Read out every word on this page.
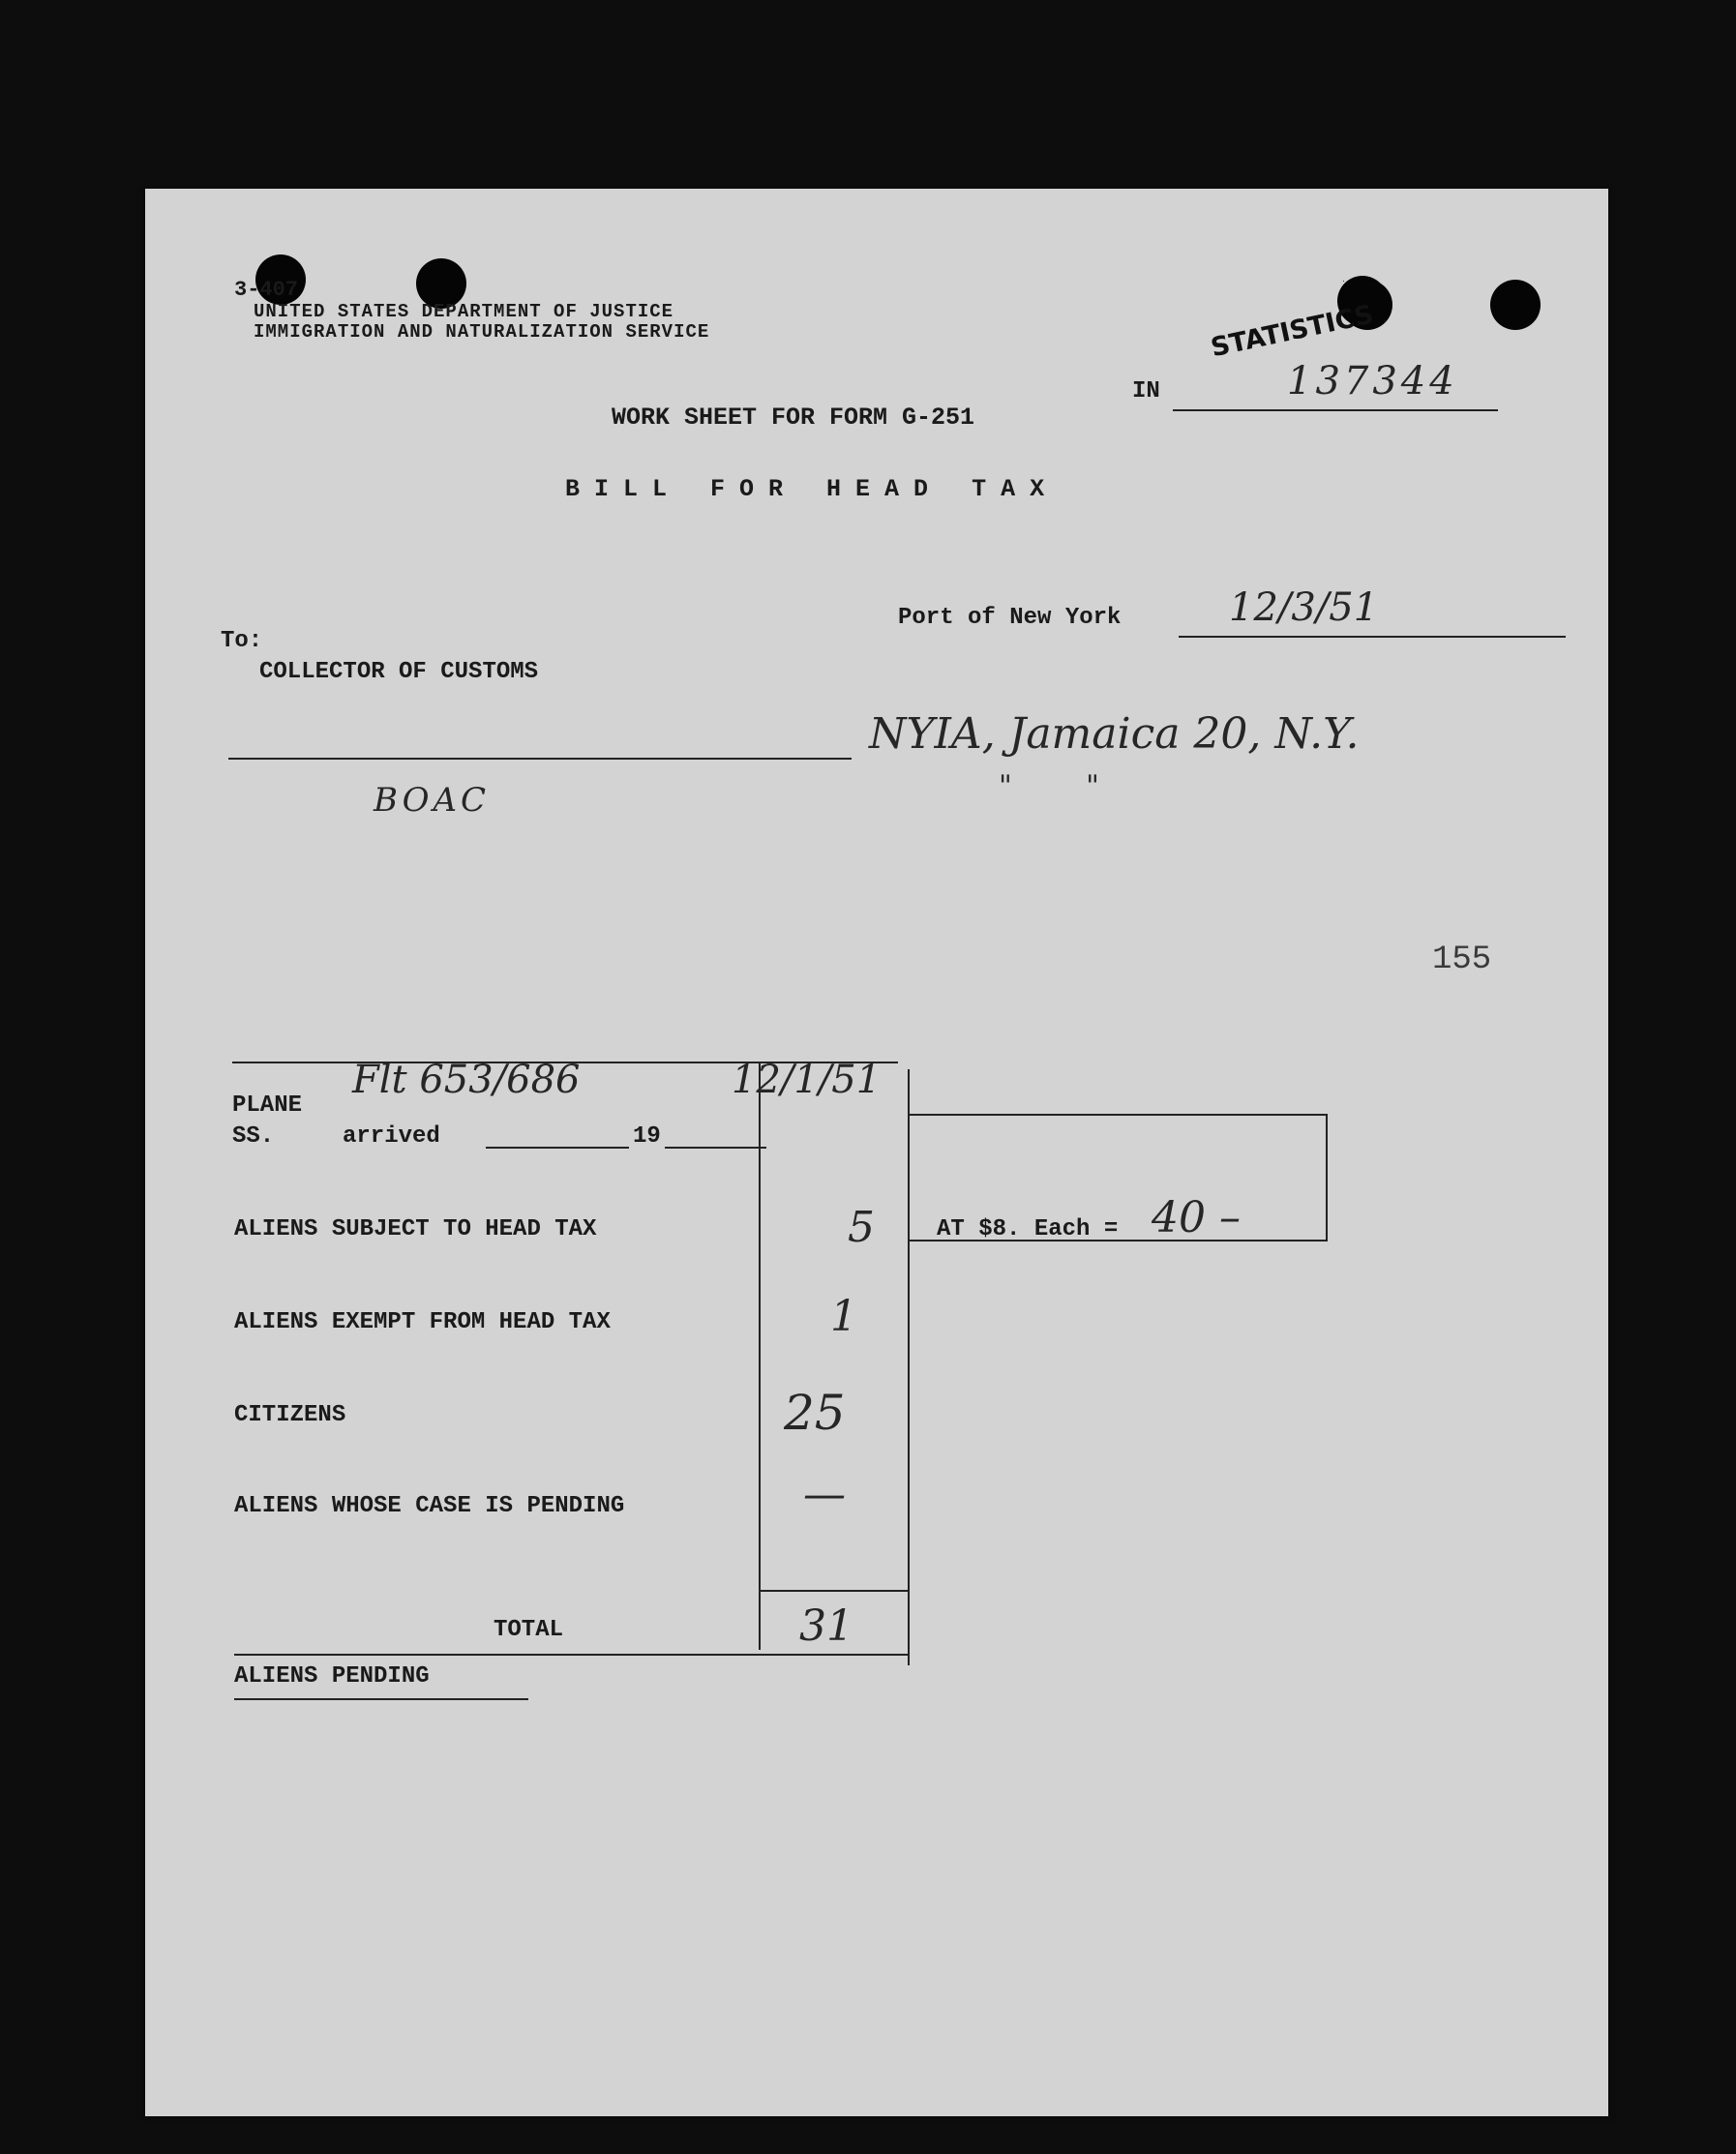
3-407
UNITED STATES DEPARTMENT OF JUSTICE
IMMIGRATION AND NATURALIZATION SERVICE	STATISTICS
IN	137344
WORK SHEET FOR FORM G-251
B I L L   F O R   H E A D   T A X
Port of New York	12/3/51
To:
COLLECTOR OF CUSTOMS
NYIA, Jamaica 20, N.Y.
"        "
BOAC
155
PLANE
SS.	arrived	19
Flt 653/686	12/1/51
ALIENS SUBJECT TO HEAD TAX	5	AT $8. Each = 40 –
ALIENS EXEMPT FROM HEAD TAX	1
CITIZENS	25
ALIENS WHOSE CASE IS PENDING	—
TOTAL	31
ALIENS PENDING
